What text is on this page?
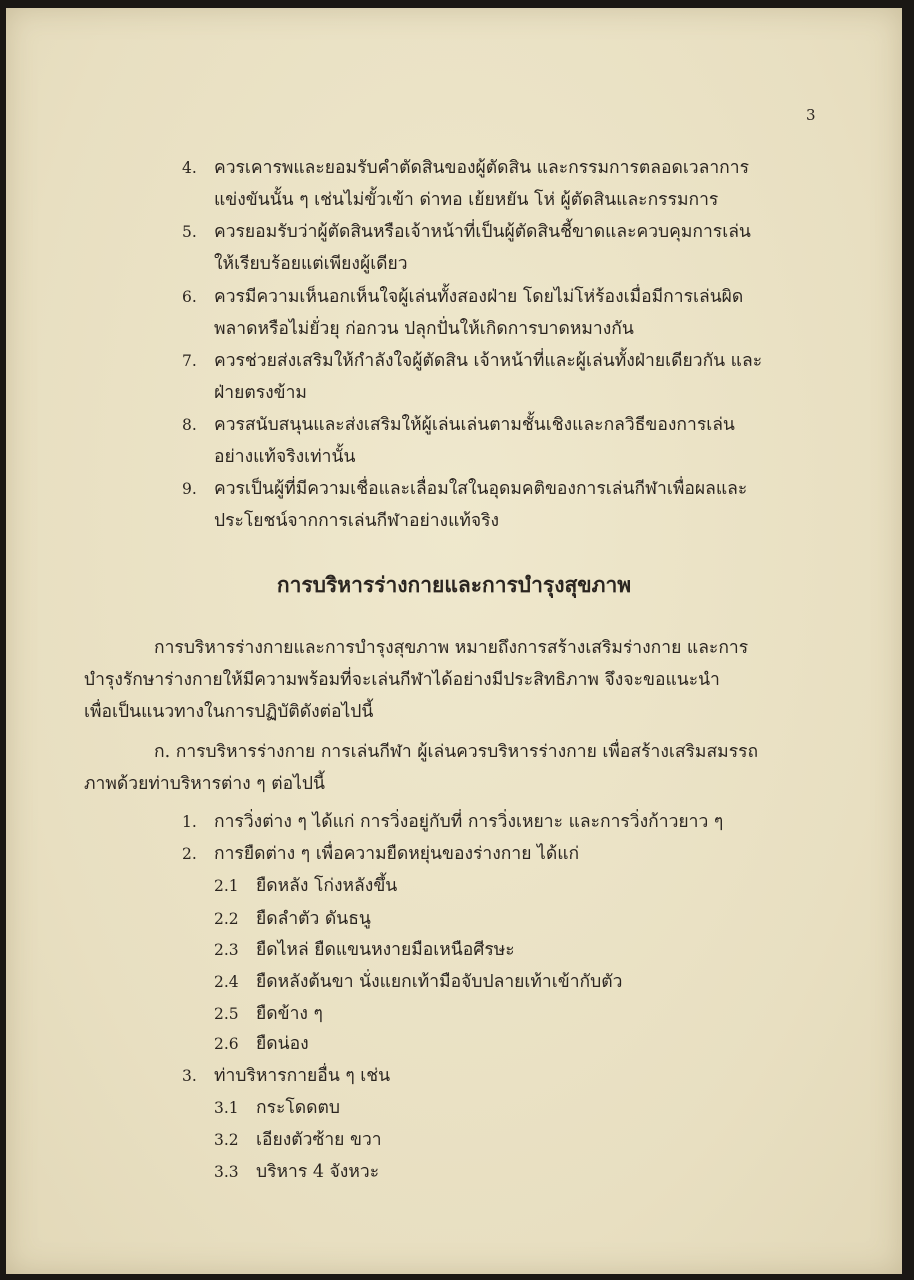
3
4. ควรเคารพและยอมรับคำตัดสินของผู้ตัดสิน และกรรมการตลอดเวลาการ
แข่งขันนั้น ๆ เช่นไม่ขั้วเข้า ด่าทอ เย้ยหยัน โห่ ผู้ตัดสินและกรรมการ
5. ควรยอมรับว่าผู้ตัดสินหรือเจ้าหน้าที่เป็นผู้ตัดสินชี้ขาดและควบคุมการเล่น
ให้เรียบร้อยแต่เพียงผู้เดียว
6. ควรมีความเห็นอกเห็นใจผู้เล่นทั้งสองฝ่าย โดยไม่โห่ร้องเมื่อมีการเล่นผิด
พลาดหรือไม่ยั่วยุ ก่อกวน ปลุกปั่นให้เกิดการบาดหมางกัน
7. ควรช่วยส่งเสริมให้กำลังใจผู้ตัดสิน เจ้าหน้าที่และผู้เล่นทั้งฝ่ายเดียวกัน และ
ฝ่ายตรงข้าม
8. ควรสนับสนุนและส่งเสริมให้ผู้เล่นเล่นตามชั้นเชิงและกลวิธีของการเล่น
อย่างแท้จริงเท่านั้น
9. ควรเป็นผู้ที่มีความเชื่อและเลื่อมใสในอุดมคติของการเล่นกีฬาเพื่อผลและ
ประโยชน์จากการเล่นกีฬาอย่างแท้จริง
การบริหารร่างกายและการบำรุงสุขภาพ
การบริหารร่างกายและการบำรุงสุขภาพ หมายถึงการสร้างเสริมร่างกาย และการ
บำรุงรักษาร่างกายให้มีความพร้อมที่จะเล่นกีฬาได้อย่างมีประสิทธิภาพ จึงจะขอแนะนำ
เพื่อเป็นแนวทางในการปฏิบัติดังต่อไปนี้
ก. การบริหารร่างกาย การเล่นกีฬา ผู้เล่นควรบริหารร่างกาย เพื่อสร้างเสริมสมรรถ
ภาพด้วยท่าบริหารต่าง ๆ ต่อไปนี้
1. การวิ่งต่าง ๆ ได้แก่ การวิ่งอยู่กับที่ การวิ่งเหยาะ และการวิ่งก้าวยาว ๆ
2. การยืดต่าง ๆ เพื่อความยืดหยุ่นของร่างกาย ได้แก่
2.1 ยืดหลัง โก่งหลังขึ้น
2.2 ยืดลำตัว ดันธนู
2.3 ยืดไหล่ ยืดแขนหงายมือเหนือศีรษะ
2.4 ยืดหลังต้นขา นั่งแยกเท้ามือจับปลายเท้าเข้ากับตัว
2.5 ยืดข้าง ๆ
2.6 ยืดน่อง
3. ท่าบริหารกายอื่น ๆ เช่น
3.1 กระโดดตบ
3.2 เอียงตัวซ้าย ขวา
3.3 บริหาร 4 จังหวะ
